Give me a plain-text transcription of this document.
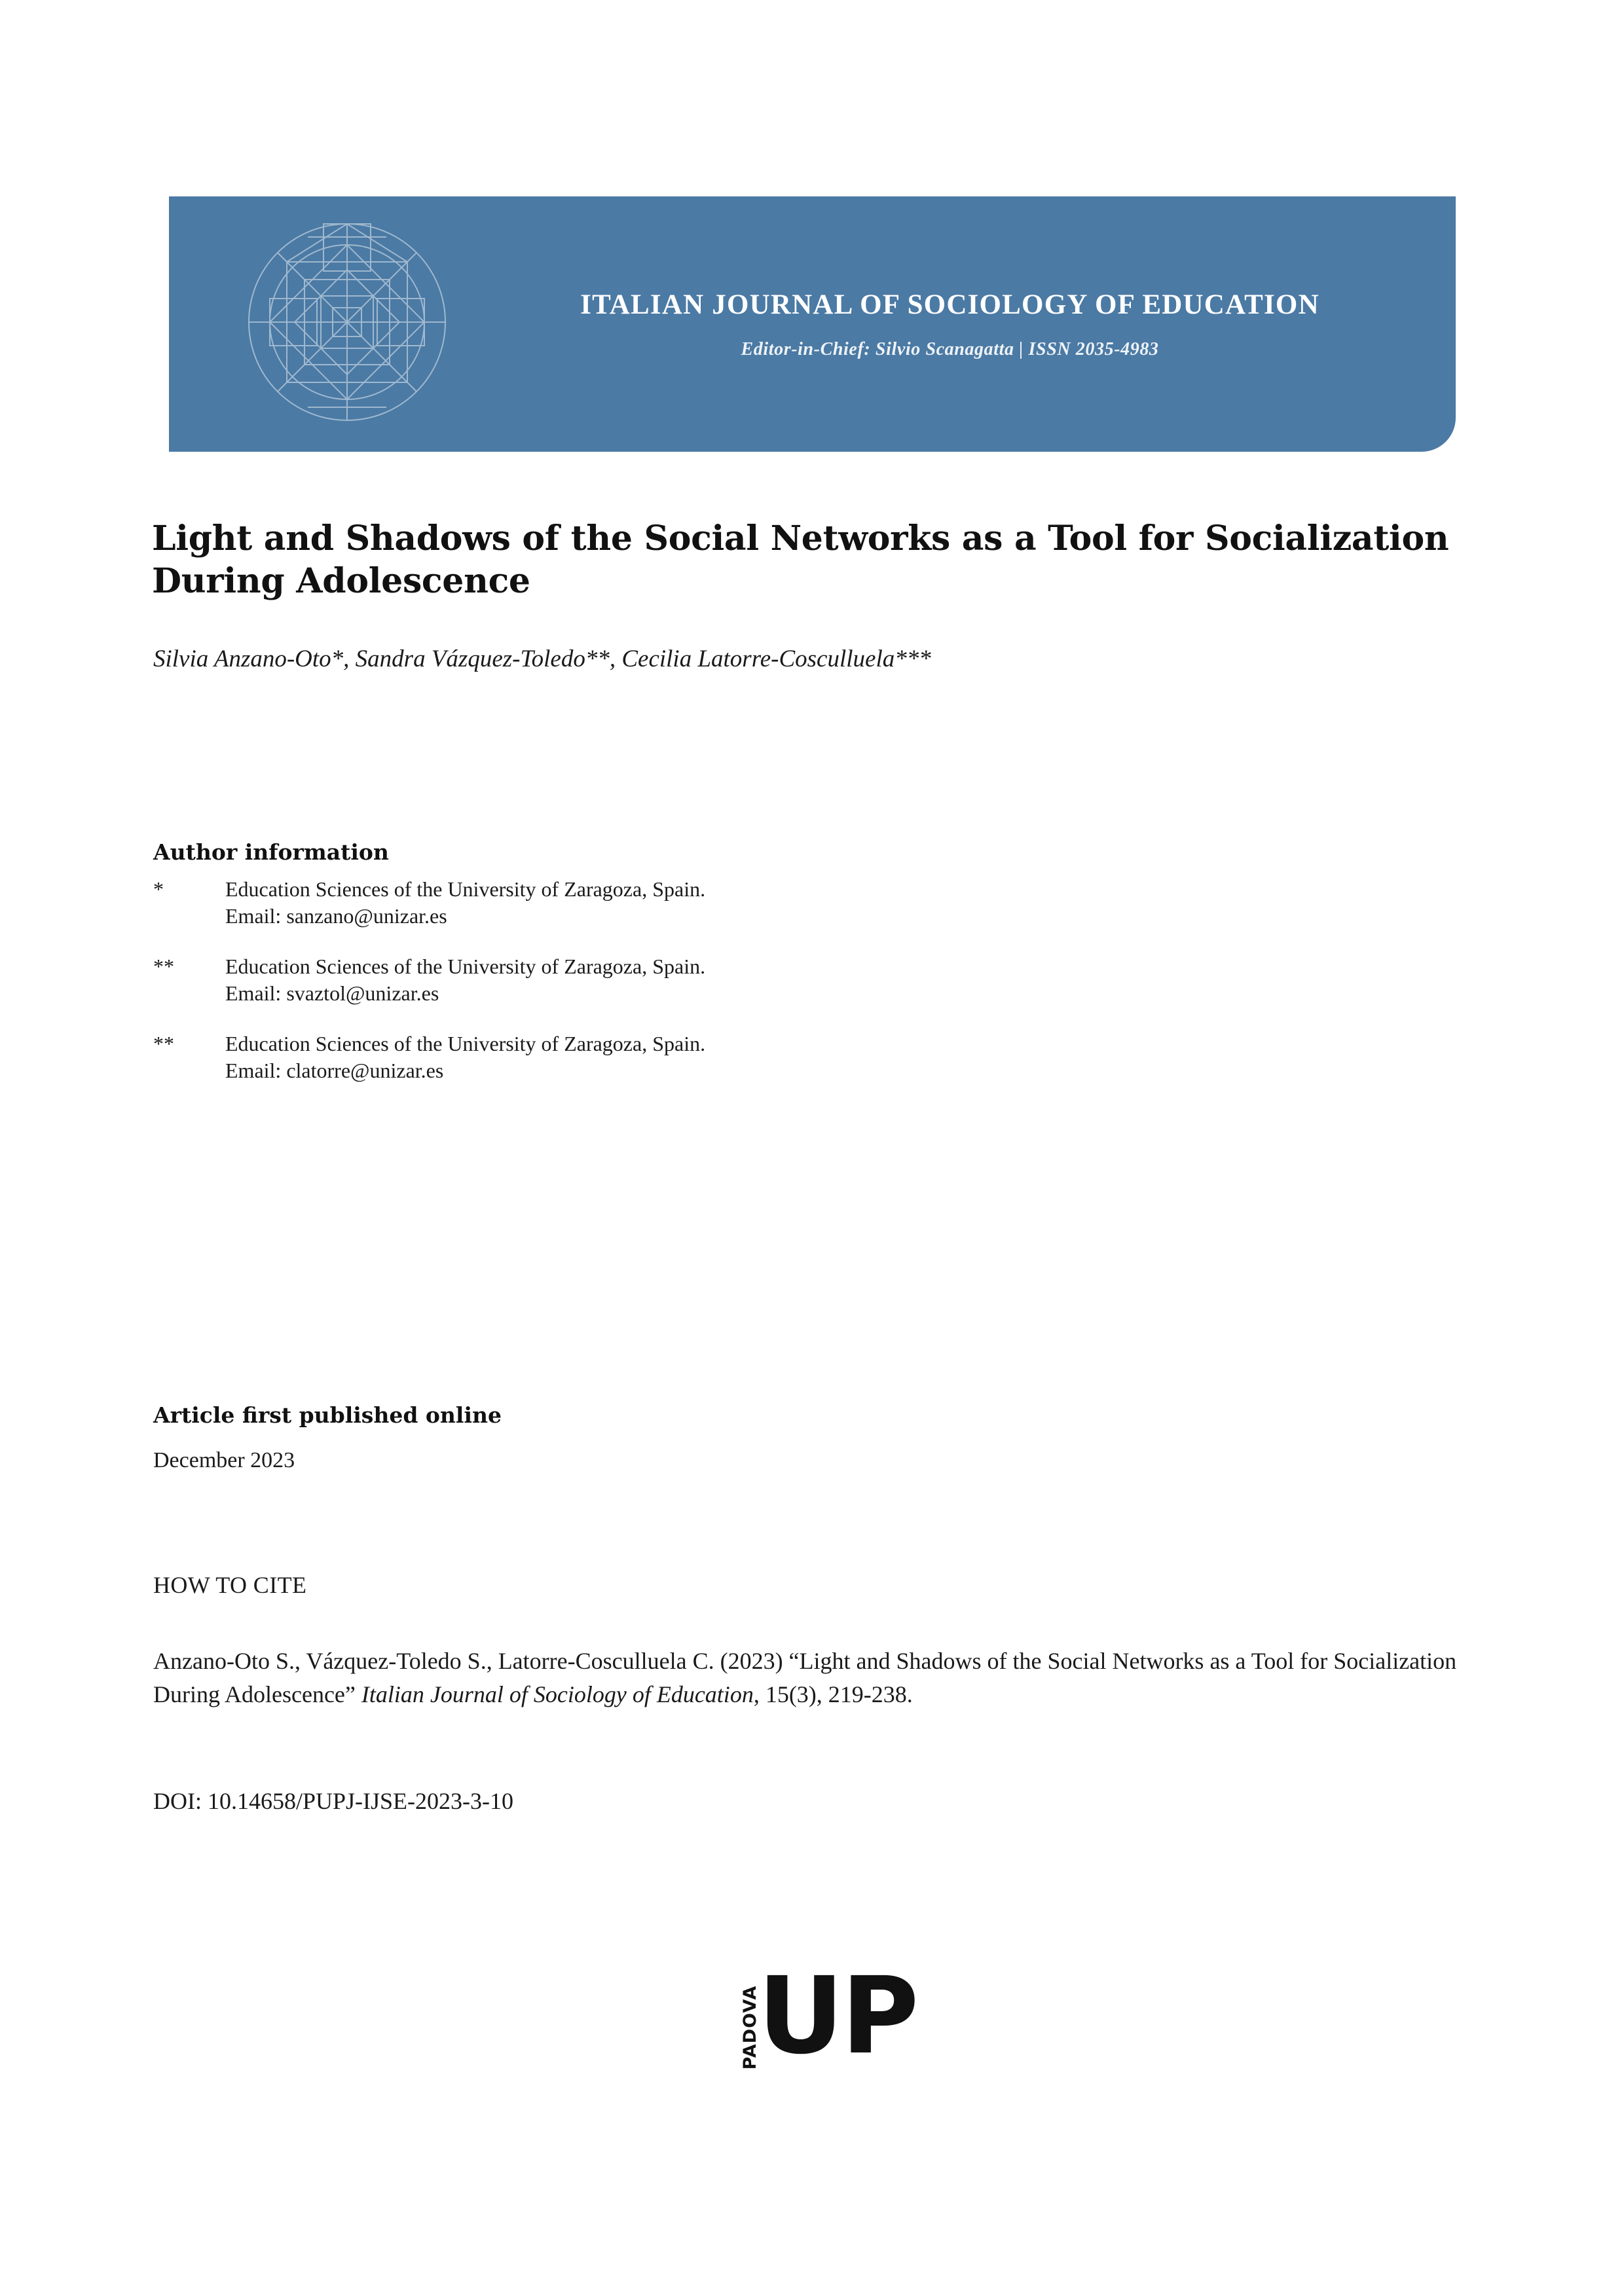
ITALIAN JOURNAL OF SOCIOLOGY OF EDUCATION
Editor-in-Chief: Silvio Scanagatta | ISSN 2035-4983
Light and Shadows of the Social Networks as a Tool for Socialization During Adolescence
Silvia Anzano-Oto*, Sandra Vázquez-Toledo**, Cecilia Latorre-Cosculluela***
Author information
*	Education Sciences of the University of Zaragoza, Spain.
Email: sanzano@unizar.es
**	Education Sciences of the University of Zaragoza, Spain.
Email: svaztol@unizar.es
**	Education Sciences of the University of Zaragoza, Spain.
Email: clatorre@unizar.es
Article first published online
December 2023
HOW TO CITE
Anzano-Oto S., Vázquez-Toledo S., Latorre-Cosculluela C. (2023) “Light and Shadows of the Social Networks as a Tool for Socialization During Adolescence” Italian Journal of Sociology of Education, 15(3), 219-238.
DOI: 10.14658/PUPJ-IJSE-2023-3-10
PADOVA
UP
